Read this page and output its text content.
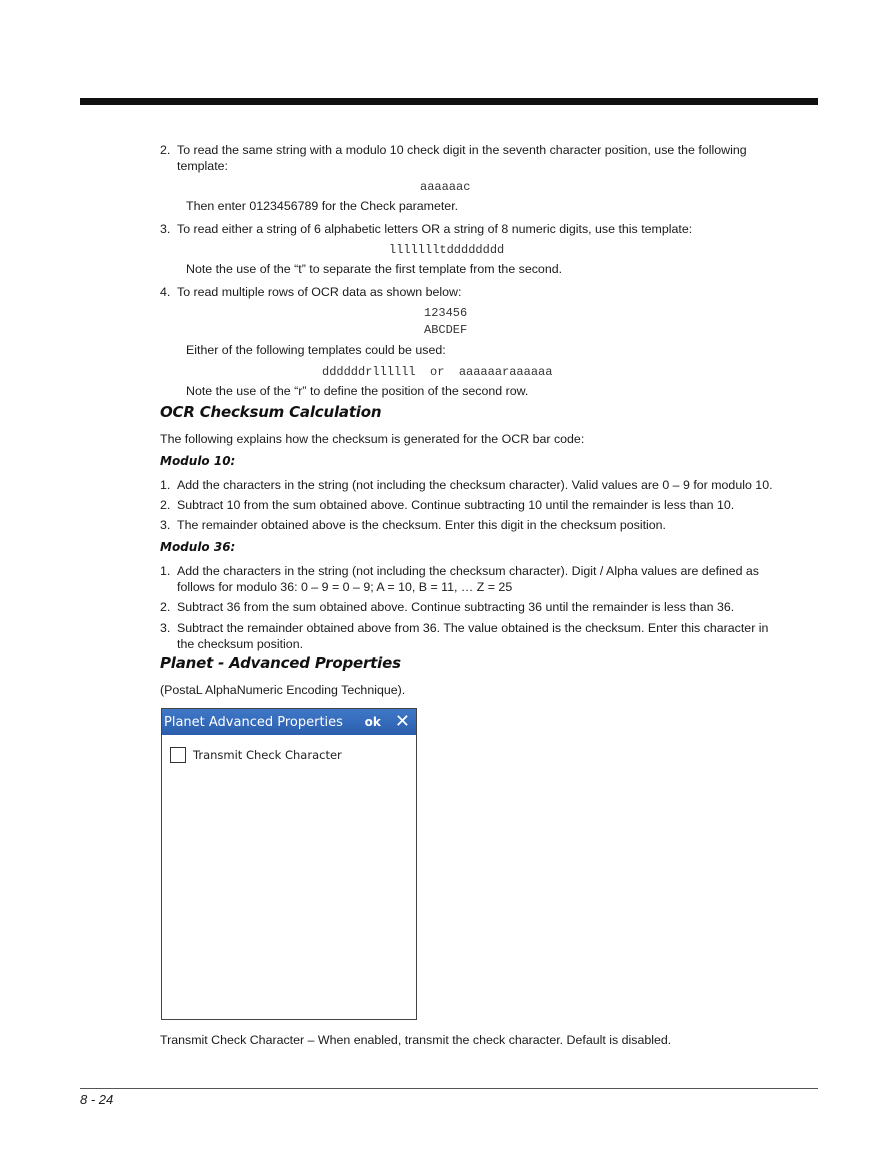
2. To read the same string with a modulo 10 check digit in the seventh character position, use the following
template:
aaaaaac
Then enter 0123456789 for the Check parameter.
3. To read either a string of 6 alphabetic letters OR a string of 8 numeric digits, use this template:
llllllltdddddddd
Note the use of the “t” to separate the first template from the second.
4. To read multiple rows of OCR data as shown below:
123456
ABCDEF
Either of the following templates could be used:
ddddddrllllll  or  aaaaaaraaaaaa
Note the use of the “r” to define the position of the second row.
OCR Checksum Calculation
The following explains how the checksum is generated for the OCR bar code:
Modulo 10:
1. Add the characters in the string (not including the checksum character). Valid values are 0 – 9 for modulo 10.
2. Subtract 10 from the sum obtained above. Continue subtracting 10 until the remainder is less than 10.
3. The remainder obtained above is the checksum. Enter this digit in the checksum position.
Modulo 36:
1. Add the characters in the string (not including the checksum character). Digit / Alpha values are defined as
follows for modulo 36: 0 – 9 = 0 – 9; A = 10, B = 11, … Z = 25
2. Subtract 36 from the sum obtained above. Continue subtracting 36 until the remainder is less than 36.
3. Subtract the remainder obtained above from 36. The value obtained is the checksum. Enter this character in
the checksum position.
Planet - Advanced Properties
(PostaL AlphaNumeric Encoding Technique).
Planet Advanced Properties	ok ✕
Transmit Check Character
Transmit Check Character – When enabled, transmit the check character. Default is disabled.
8 - 24
